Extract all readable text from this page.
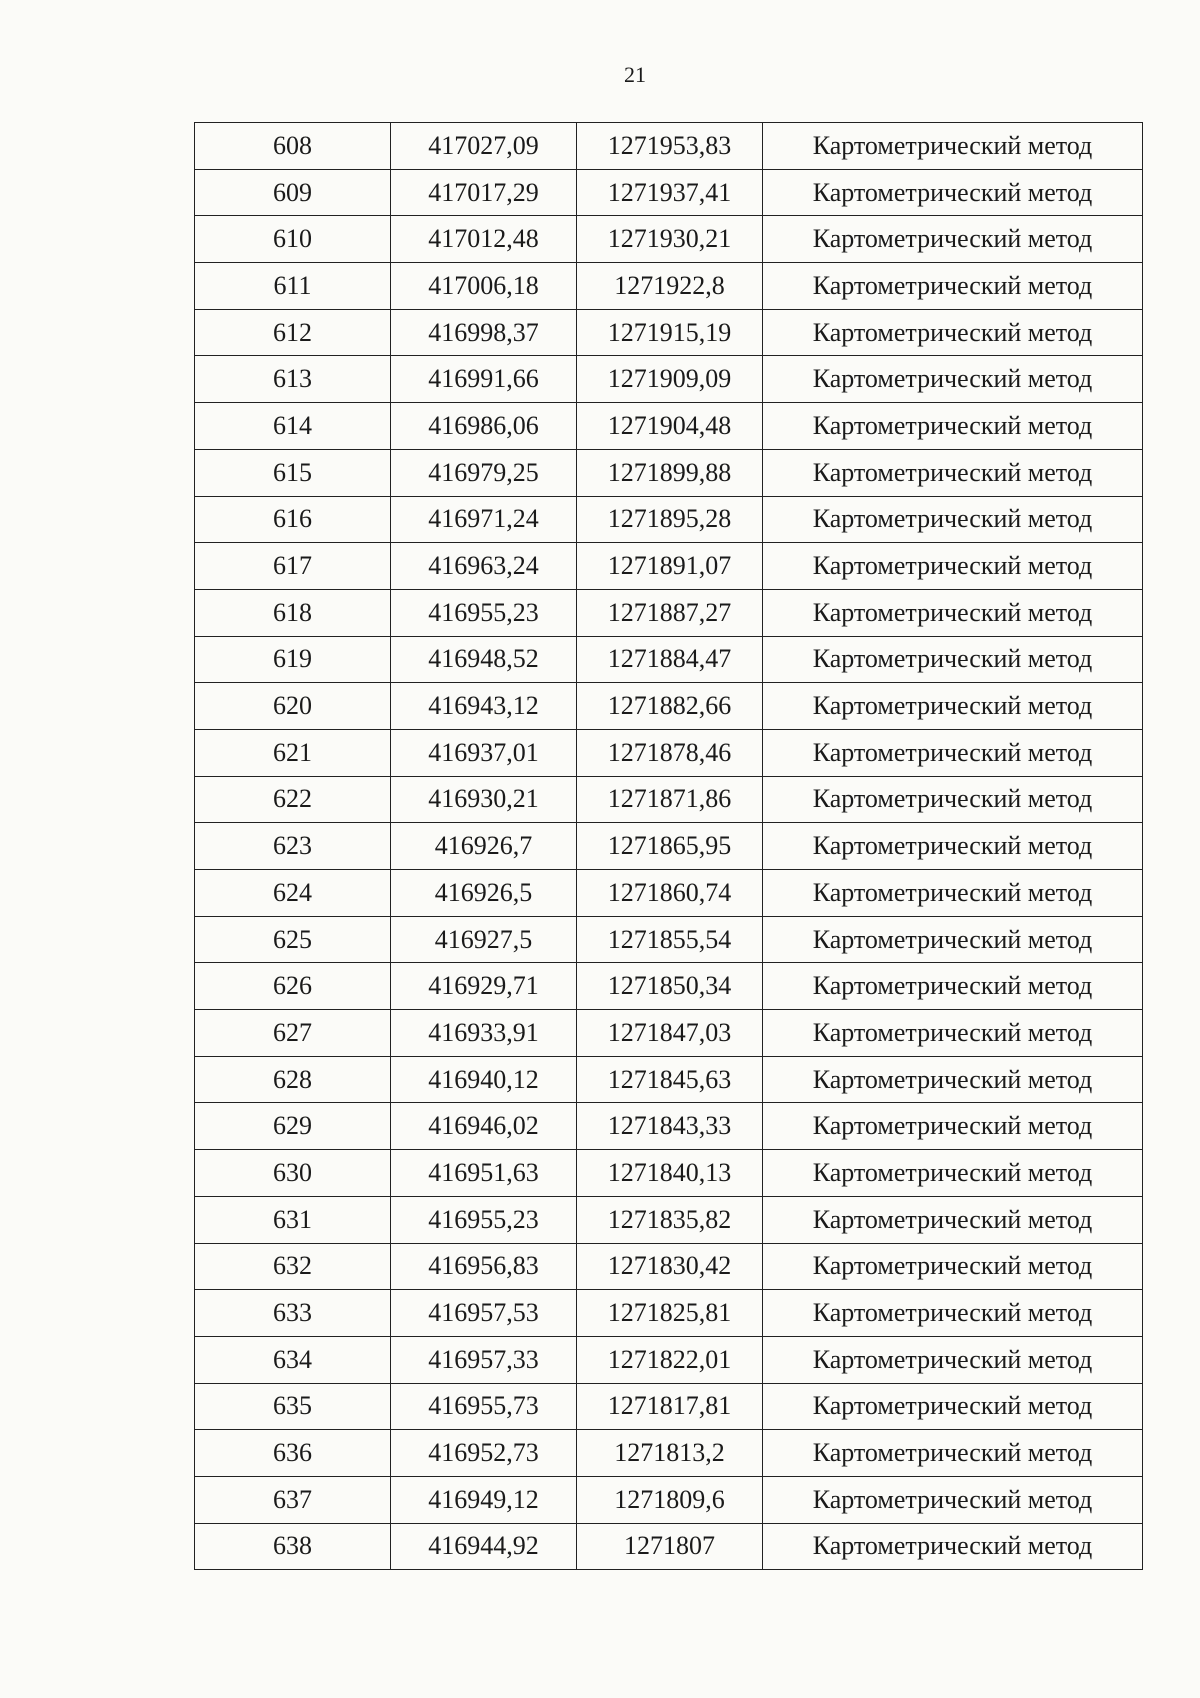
21
608	417027,09	1271953,83	Картометрический метод
609	417017,29	1271937,41	Картометрический метод
610	417012,48	1271930,21	Картометрический метод
611	417006,18	1271922,8	Картометрический метод
612	416998,37	1271915,19	Картометрический метод
613	416991,66	1271909,09	Картометрический метод
614	416986,06	1271904,48	Картометрический метод
615	416979,25	1271899,88	Картометрический метод
616	416971,24	1271895,28	Картометрический метод
617	416963,24	1271891,07	Картометрический метод
618	416955,23	1271887,27	Картометрический метод
619	416948,52	1271884,47	Картометрический метод
620	416943,12	1271882,66	Картометрический метод
621	416937,01	1271878,46	Картометрический метод
622	416930,21	1271871,86	Картометрический метод
623	416926,7	1271865,95	Картометрический метод
624	416926,5	1271860,74	Картометрический метод
625	416927,5	1271855,54	Картометрический метод
626	416929,71	1271850,34	Картометрический метод
627	416933,91	1271847,03	Картометрический метод
628	416940,12	1271845,63	Картометрический метод
629	416946,02	1271843,33	Картометрический метод
630	416951,63	1271840,13	Картометрический метод
631	416955,23	1271835,82	Картометрический метод
632	416956,83	1271830,42	Картометрический метод
633	416957,53	1271825,81	Картометрический метод
634	416957,33	1271822,01	Картометрический метод
635	416955,73	1271817,81	Картометрический метод
636	416952,73	1271813,2	Картометрический метод
637	416949,12	1271809,6	Картометрический метод
638	416944,92	1271807	Картометрический метод
